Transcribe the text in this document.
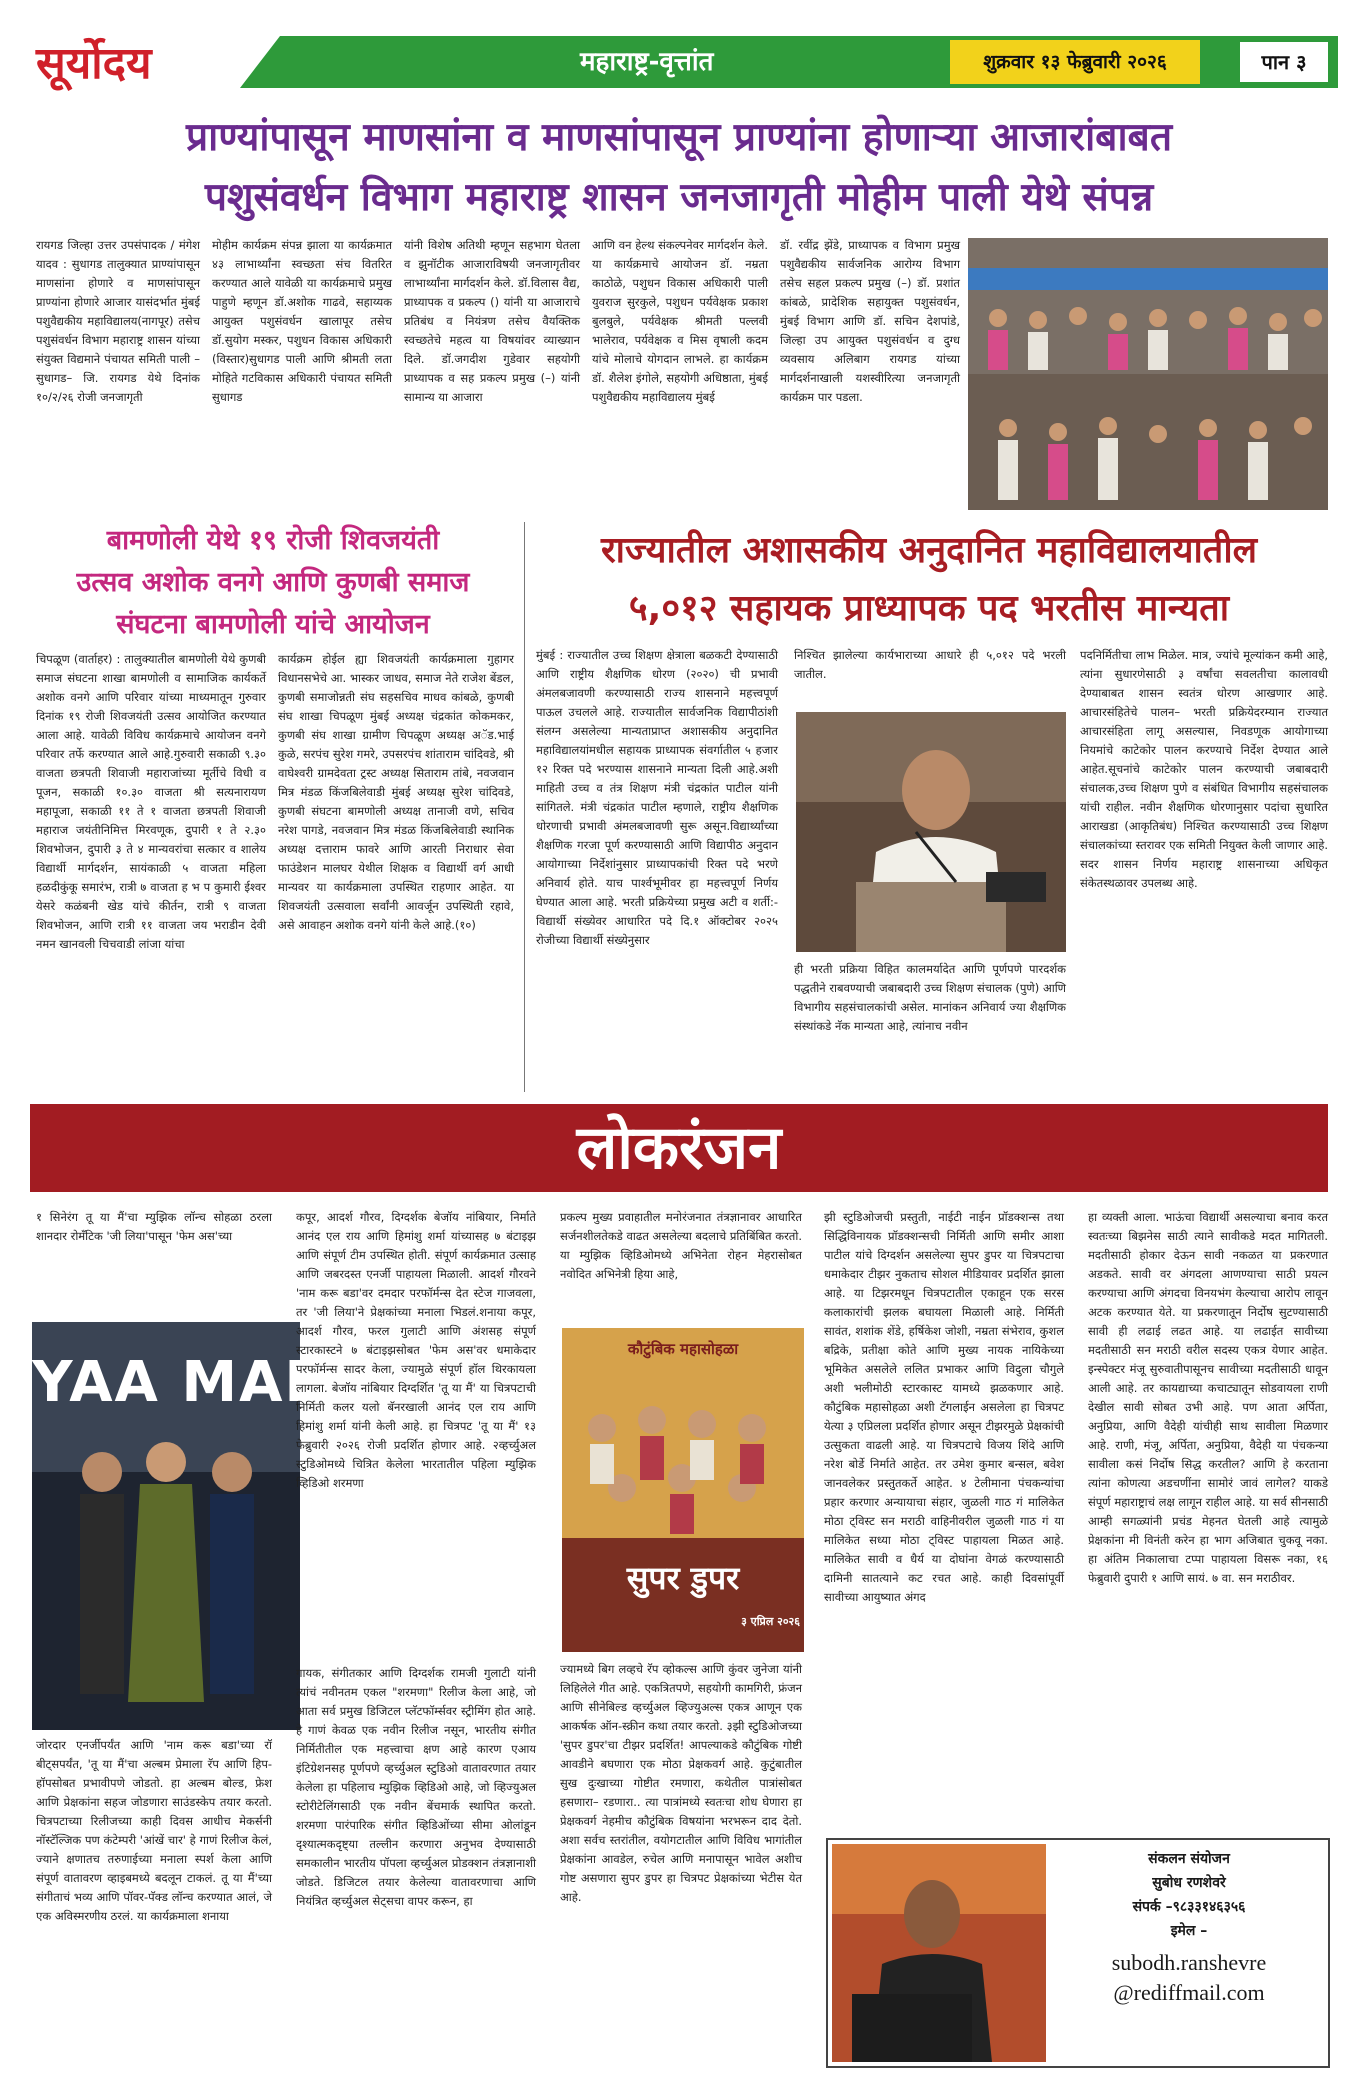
सूर्योदय	महाराष्ट्र-वृत्तांत	शुक्रवार १३ फेब्रुवारी २०२६	पान ३
प्राण्यांपासून माणसांना व माणसांपासून प्राण्यांना होणाऱ्या आजारांबाबत
पशुसंवर्धन विभाग महाराष्ट्र शासन जनजागृती मोहीम पाली येथे संपन्न
रायगड जिल्हा उत्तर उपसंपादक / मंगेश यादव : सुधागड तालुक्यात प्राण्यांपासून माणसांना होणारे व माणसांपासून प्राण्यांना होणारे आजार यासंदर्भात मुंबई पशुवैद्यकीय महाविद्यालय(नागपूर) तसेच पशुसंवर्धन विभाग महाराष्ट्र शासन यांच्या संयुक्त विद्यमाने पंचायत समिती पाली – सुधागड– जि. रायगड येथे दिनांक १०/२/२६ रोजी जनजागृती
मोहीम कार्यक्रम संपन्न झाला या कार्यक्रमात ४३ लाभार्थ्यांना स्वच्छता संच वितरित करण्यात आले यावेळी या कार्यक्रमाचे प्रमुख पाहुणे म्हणून डॉ.अशोक गाढवे, सहाय्यक आयुक्त पशुसंवर्धन खालापूर तसेच डॉ.सुयोग मस्कर, पशुधन विकास अधिकारी (विस्तार)सुधागड पाली आणि श्रीमती लता मोहिते गटविकास अधिकारी पंचायत समिती सुधागड
यांनी विशेष अतिथी म्हणून सहभाग घेतला व झुनॉटीक आजाराविषयी जनजागृतीवर लाभार्थ्यांना मार्गदर्शन केले. डॉ.विलास वैद्य, प्राध्यापक व प्रकल्प () यांनी या आजाराचे प्रतिबंध व नियंत्रण तसेच वैयक्तिक स्वच्छतेचे महत्व या विषयांवर व्याख्यान दिले. डॉ.जगदीश गुडेवार सहयोगी प्राध्यापक व सह प्रकल्प प्रमुख (–) यांनी सामान्य या आजारा
आणि वन हेल्थ संकल्पनेवर मार्गदर्शन केले. या कार्यक्रमाचे आयोजन डॉ. नम्रता काठोळे, पशुधन विकास अधिकारी पाली युवराज सुरकुले, पशुधन पर्यवेक्षक प्रकाश बुलबुले, पर्यवेक्षक श्रीमती पल्लवी भालेराव, पर्यवेक्षक व मिस वृषाली कदम यांचे मोलाचे योगदान लाभले. हा कार्यक्रम डॉ. शैलेश इंगोले, सहयोगी अधिष्ठाता, मुंबई पशुवैद्यकीय महाविद्यालय मुंबई
डॉ. रवींद्र झेंडे, प्राध्यापक व विभाग प्रमुख पशुवैद्यकीय सार्वजनिक आरोग्य विभाग तसेच सहल प्रकल्प प्रमुख (–) डॉ. प्रशांत कांबळे, प्रादेशिक सहायुक्त पशुसंवर्धन, मुंबई विभाग आणि डॉ. सचिन देशपांडे, जिल्हा उप आयुक्त पशुसंवर्धन व दुग्ध व्यवसाय अलिबाग रायगड यांच्या मार्गदर्शनाखाली यशस्वीरित्या जनजागृती कार्यक्रम पार पडला.
बामणोली येथे १९ रोजी शिवजयंती
उत्सव अशोक वनगे आणि कुणबी समाज
संघटना बामणोली यांचे आयोजन
चिपळूण (वार्ताहर) : तालुक्यातील बामणोली येथे कुणबी समाज संघटना शाखा बामणोली व सामाजिक कार्यकर्ते अशोक वनगे आणि परिवार यांच्या माध्यमातून गुरुवार दिनांक १९ रोजी शिवजयंती उत्सव आयोजित करण्यात आला आहे. यावेळी विविध कार्यक्रमाचे आयोजन वनगे परिवार तर्फे करण्यात आले आहे.गुरुवारी सकाळी ९.३० वाजता छत्रपती शिवाजी महाराजांच्या मूर्तीचे विधी व पूजन, सकाळी १०.३० वाजता श्री सत्यनारायण महापूजा, सकाळी ११ ते १ वाजता छत्रपती शिवाजी महाराज जयंतीनिमित्त मिरवणूक, दुपारी १ ते २.३० शिवभोजन, दुपारी ३ ते ४ मान्यवरांचा सत्कार व शालेय विद्यार्थी मार्गदर्शन, सायंकाळी ५ वाजता महिला हळदीकुंकू समारंभ, रात्री ७ वाजता ह भ प कुमारी ईश्वर येसरे कळंबनी खेड यांचे कीर्तन, रात्री ९ वाजता शिवभोजन, आणि रात्री ११ वाजता जय भराडीन देवी नमन खानवली चिचवाडी लांजा यांचा
कार्यक्रम होईल ह्या शिवजयंती कार्यक्रमाला गुहागर विधानसभेचे आ. भास्कर जाधव, समाज नेते राजेश बेंडल, कुणबी समाजोन्नती संघ सहसचिव माधव कांबळे, कुणबी संघ शाखा चिपळूण मुंबई अध्यक्ष चंद्रकांत कोकमकर, कुणबी संघ शाखा ग्रामीण चिपळूण अध्यक्ष अॅड.भाई कुळे, सरपंच सुरेश गमरे, उपसरपंच शांताराम चांदिवडे, श्री वाघेश्वरी ग्रामदेवता ट्रस्ट अध्यक्ष सिताराम तांबे, नवजवान मित्र मंडळ किंजबिलेवाडी मुंबई अध्यक्ष सुरेश चांदिवडे, कुणबी संघटना बामणोली अध्यक्ष तानाजी वणे, सचिव नरेश पागडे, नवजवान मित्र मंडळ किंजबिलेवाडी स्थानिक अध्यक्ष दत्ताराम फावरे आणि आरती निराधार सेवा फाउंडेशन मालघर येथील शिक्षक व विद्यार्थी वर्ग आधी मान्यवर या कार्यक्रमाला उपस्थित राहणार आहेत. या शिवजयंती उत्सवाला सर्वांनी आवर्जून उपस्थिती रहावे, असे आवाहन अशोक वनगे यांनी केले आहे.(१०)
राज्यातील अशासकीय अनुदानित महाविद्यालयातील
५,०१२ सहायक प्राध्यापक पद भरतीस मान्यता
मुंबई : राज्यातील उच्च शिक्षण क्षेत्राला बळकटी देण्यासाठी आणि राष्ट्रीय शैक्षणिक धोरण (२०२०) ची प्रभावी अंमलबजावणी करण्यासाठी राज्य शासनाने महत्त्वपूर्ण पाऊल उचलले आहे. राज्यातील सार्वजनिक विद्यापीठांशी संलग्न असलेल्या मान्यताप्राप्त अशासकीय अनुदानित महाविद्यालयांमधील सहायक प्राध्यापक संवर्गातील ५ हजार १२ रिक्त पदे भरण्यास शासनाने मान्यता दिली आहे.अशी माहिती उच्च व तंत्र शिक्षण मंत्री चंद्रकांत पाटील यांनी सांगितले. मंत्री चंद्रकांत पाटील म्हणाले, राष्ट्रीय शैक्षणिक धोरणाची प्रभावी अंमलबजावणी सुरू असून.विद्यार्थ्यांच्या शैक्षणिक गरजा पूर्ण करण्यासाठी आणि विद्यापीठ अनुदान आयोगाच्या निर्देशांनुसार प्राध्यापकांची रिक्त पदे भरणे अनिवार्य होते. याच पार्श्वभूमीवर हा महत्त्वपूर्ण निर्णय घेण्यात आला आहे. भरती प्रक्रियेच्या प्रमुख अटी व शर्ती:- विद्यार्थी संख्येवर आधारित पदे दि.१ ऑक्टोबर २०२५ रोजीच्या विद्यार्थी संख्येनुसार
निश्चित झालेल्या कार्यभाराच्या आधारे ही ५,०१२ पदे भरली जातील.
ही भरती प्रक्रिया विहित कालमर्यादेत आणि पूर्णपणे पारदर्शक पद्धतीने राबवण्याची जबाबदारी उच्च शिक्षण संचालक (पुणे) आणि विभागीय सहसंचालकांची असेल. मानांकन अनिवार्य ज्या शैक्षणिक संस्थांकडे नॅक मान्यता आहे, त्यांनाच नवीन
पदनिर्मितीचा लाभ मिळेल. मात्र, ज्यांचे मूल्यांकन कमी आहे, त्यांना सुधारणेसाठी ३ वर्षांचा सवलतीचा कालावधी देण्याबाबत शासन स्वतंत्र धोरण आखणार आहे. आचारसंहितेचे पालन– भरती प्रक्रियेदरम्यान राज्यात आचारसंहिता लागू असल्यास, निवडणूक आयोगाच्या नियमांचे काटेकोर पालन करण्याचे निर्देश देण्यात आले आहेत.सूचनांचे काटेकोर पालन करण्याची जबाबदारी संचालक,उच्च शिक्षण पुणे व संबंधित विभागीय सहसंचालक यांची राहील. नवीन शैक्षणिक धोरणानुसार पदांचा सुधारित आराखडा (आकृतिबंध) निश्चित करण्यासाठी उच्च शिक्षण संचालकांच्या स्तरावर एक समिती नियुक्त केली जाणार आहे. सदर शासन निर्णय महाराष्ट्र शासनाच्या अधिकृत संकेतस्थळावर उपलब्ध आहे.
लोकरंजन
१ सिनेरंग तू या मैं'चा म्युझिक लॉन्च सोहळा ठरला शानदार रोमँटिक 'जी लिया'पासून 'फेम अस'च्या
YAA MAIN
जोरदार एनर्जीपर्यंत आणि 'नाम करू बडा'च्या रॉ बीट्सपर्यंत, 'तू या मैं'चा अल्बम प्रेमाला रॅप आणि हिप-हॉपसोबत प्रभावीपणे जोडतो. हा अल्बम बोल्ड, फ्रेश आणि प्रेक्षकांना सहज जोडणारा साउंडस्केप तयार करतो. चित्रपटाच्या रिलीजच्या काही दिवस आधीच मेकर्सनी नॉस्टॅल्जिक पण कंटेम्परी 'आंखें चार' हे गाणं रिलीज केलं, ज्याने क्षणातच तरुणाईच्या मनाला स्पर्श केला आणि संपूर्ण वातावरण व्हाइबमध्ये बदलून टाकलं. तू या मैं'च्या संगीताचं भव्य आणि पॉवर-पॅक्ड लॉन्च करण्यात आलं, जे एक अविस्मरणीय ठरलं. या कार्यक्रमाला शनाया
कपूर, आदर्श गौरव, दिग्दर्शक बेजॉय नांबियार, निर्माते आनंद एल राय आणि हिमांशु शर्मा यांच्यासह ७ बंटाइझ आणि संपूर्ण टीम उपस्थित होती. संपूर्ण कार्यक्रमात उत्साह आणि जबरदस्त एनर्जी पाहायला मिळाली. आदर्श गौरवने 'नाम करू बडा'वर दमदार परफॉर्मन्स देत स्टेज गाजवला, तर 'जी लिया'ने प्रेक्षकांच्या मनाला भिडलं.शनाया कपूर, आदर्श गौरव, फरल गुलाटी आणि अंशसह संपूर्ण स्टारकास्टने ७ बंटाइझसोबत 'फेम अस'वर धमाकेदार परफॉर्मन्स सादर केला, ज्यामुळे संपूर्ण हॉल थिरकायला लागला. बेजॉय नांबियार दिग्दर्शित 'तू या मैं' या चित्रपटाची निर्मिती कलर यलो बॅनरखाली आनंद एल राय आणि हिमांशु शर्मा यांनी केली आहे. हा चित्रपट 'तू या मैं' १३ फेब्रुवारी २०२६ रोजी प्रदर्शित होणार आहे. २व्हर्च्युअल स्टुडिओमध्ये चित्रित केलेला भारतातील पहिला म्युझिक व्हिडिओ शरमणा
गायक, संगीतकार आणि दिग्दर्शक रामजी गुलाटी यांनी त्यांचं नवीनतम एकल "शरमणा" रिलीज केला आहे, जो आता सर्व प्रमुख डिजिटल प्लॅटफॉर्म्सवर स्ट्रीमिंग होत आहे. हे गाणं केवळ एक नवीन रिलीज नसून, भारतीय संगीत निर्मितीतील एक महत्त्वाचा क्षण आहे कारण एआय इंटिग्रेशनसह पूर्णपणे व्हर्च्युअल स्टुडिओ वातावरणात तयार केलेला हा पहिलाच म्युझिक व्हिडिओ आहे, जो व्हिज्युअल स्टोरीटेलिंगसाठी एक नवीन बेंचमार्क स्थापित करतो. शरमणा पारंपारिक संगीत व्हिडिओंच्या सीमा ओलांडून दृश्यात्मकदृष्ट्या तल्लीन करणारा अनुभव देण्यासाठी समकालीन भारतीय पॉपला व्हर्च्युअल प्रोडक्शन तंत्रज्ञानाशी जोडते. डिजिटल तयार केलेल्या वातावरणाचा आणि नियंत्रित व्हर्च्युअल सेट्सचा वापर करून, हा
प्रकल्प मुख्य प्रवाहातील मनोरंजनात तंत्रज्ञानावर आधारित सर्जनशीलतेकडे वाढत असलेल्या बदलाचे प्रतिबिंबित करतो. या म्युझिक व्हिडिओमध्ये अभिनेता रोहन मेहरासोबत नवोदित अभिनेत्री हिया आहे,
कौटुंबिक महासोहळा
सुपर डुपर
३ एप्रिल २०२६
ज्यामध्ये बिग लव्हचे रॅप व्होकल्स आणि कुंवर जुनेजा यांनी लिहिलेले गीत आहे. एकत्रितपणे, सहयोगी कामगिरी, फ्रंजन आणि सीनेबिल्ड व्हर्च्युअल व्हिज्युअल्स एकत्र आणून एक आकर्षक ऑन-स्क्रीन कथा तयार करतो. ३झी स्टुडिओजच्या 'सुपर डुपर'चा टीझर प्रदर्शित! आपल्याकडे कौटुंबिक गोष्टी आवडीने बघणारा एक मोठा प्रेक्षकवर्ग आहे. कुटुंबातील सुख दुःखाच्या गोष्टीत रमणारा, कथेतील पात्रांसोबत हसणारा– रडणारा.. त्या पात्रांमध्ये स्वतःचा शोध घेणारा हा प्रेक्षकवर्ग नेहमीच कौटुंबिक विषयांना भरभरून दाद देतो. अशा सर्वच स्तरांतील, वयोगटातील आणि विविध भागांतील प्रेक्षकांना आवडेल, रुचेल आणि मनापासून भावेल अशीच गोष्ट असणारा सुपर डुपर हा चित्रपट प्रेक्षकांच्या भेटीस येत आहे.
झी स्टुडिओजची प्रस्तुती, नाईटी नाईन प्रॉडक्शन्स तथा सिद्धिविनायक प्रॉडक्शन्सची निर्मिती आणि समीर आशा पाटील यांचे दिग्दर्शन असलेल्या सुपर डुपर या चित्रपटाचा धमाकेदार टीझर नुकताच सोशल मीडियावर प्रदर्शित झाला आहे. या टिझरमधून चित्रपटातील एकाहून एक सरस कलाकारांची झलक बघायला मिळाली आहे. निर्मिती सावंत, शशांक शेंडे, हर्षिकेश जोशी, नम्रता संभेराव, कुशल बद्रिके, प्रतीक्षा कोते आणि मुख्य नायक नायिकेच्या भूमिकेत असलेले ललित प्रभाकर आणि विदुला चौगुले अशी भलीमोठी स्टारकास्ट यामध्ये झळकणार आहे. कौटुंबिक महासोहळा अशी टॅगलाईन असलेला हा चित्रपट येत्या ३ एप्रिलला प्रदर्शित होणार असून टीझरमुळे प्रेक्षकांची उत्सुकता वाढली आहे. या चित्रपटाचे विजय शिंदे आणि नरेश बोर्डे निर्माते आहेत. तर उमेश कुमार बन्सल, बवेश जानवलेकर प्रस्तुतकर्ते आहेत. ४ टेलीमाना पंचकन्यांचा प्रहार करणार अन्यायाचा संहार, जुळली गाठ गं मालिकेत मोठा ट्विस्ट सन मराठी वाहिनीवरील जुळली गाठ गं या मालिकेत सध्या मोठा ट्विस्ट पाहायला मिळत आहे. मालिकेत सावी व धैर्य या दोघांना वेगळं करण्यासाठी दामिनी सातत्याने कट रचत आहे. काही दिवसांपूर्वी सावीच्या आयुष्यात अंगद
हा व्यक्ती आला. भाऊंचा विद्यार्थी असल्याचा बनाव करत स्वतःच्या बिझनेस साठी त्याने सावीकडे मदत मागितली. मदतीसाठी होकार देऊन सावी नकळत या प्रकरणात अडकते. सावी वर अंगदला आणण्याचा साठी प्रयत्न करण्याचा आणि अंगदचा विनयभंग केल्याचा आरोप लावून अटक करण्यात येते. या प्रकरणातून निर्दोष सुटण्यासाठी सावी ही लढाई लढत आहे. या लढाईत सावीच्या मदतीसाठी सन मराठी वरील सदस्य एकत्र येणार आहेत. इन्स्पेक्टर मंजू सुरुवातीपासूनच सावीच्या मदतीसाठी धावून आली आहे. तर कायद्याच्या कचाट्यातून सोडवायला राणी देखील सावी सोबत उभी आहे. पण आता अर्पिता, अनुप्रिया, आणि वैदेही यांचीही साथ सावीला मिळणार आहे. राणी, मंजू, अर्पिता, अनुप्रिया, वैदेही या पंचकन्या सावीला कसं निर्दोष सिद्ध करतील? आणि हे करताना त्यांना कोणत्या अडचणींना सामोरं जावं लागेल? याकडे संपूर्ण महाराष्ट्राचं लक्ष लागून राहील आहे. या सर्व सीनसाठी आम्ही सगळ्यांनी प्रचंड मेहनत घेतली आहे त्यामुळे प्रेक्षकांना मी विनंती करेन हा भाग अजिबात चुकवू नका. हा अंतिम निकालाचा टप्पा पाहायला विसरू नका, १६ फेब्रुवारी दुपारी १ आणि सायं. ७ वा. सन मराठीवर.
संकलन संयोजन
सुबोध रणशेवरे
संपर्क –९८३३१४६३५६
इमेल –
subodh.ranshevre
@rediffmail.com
